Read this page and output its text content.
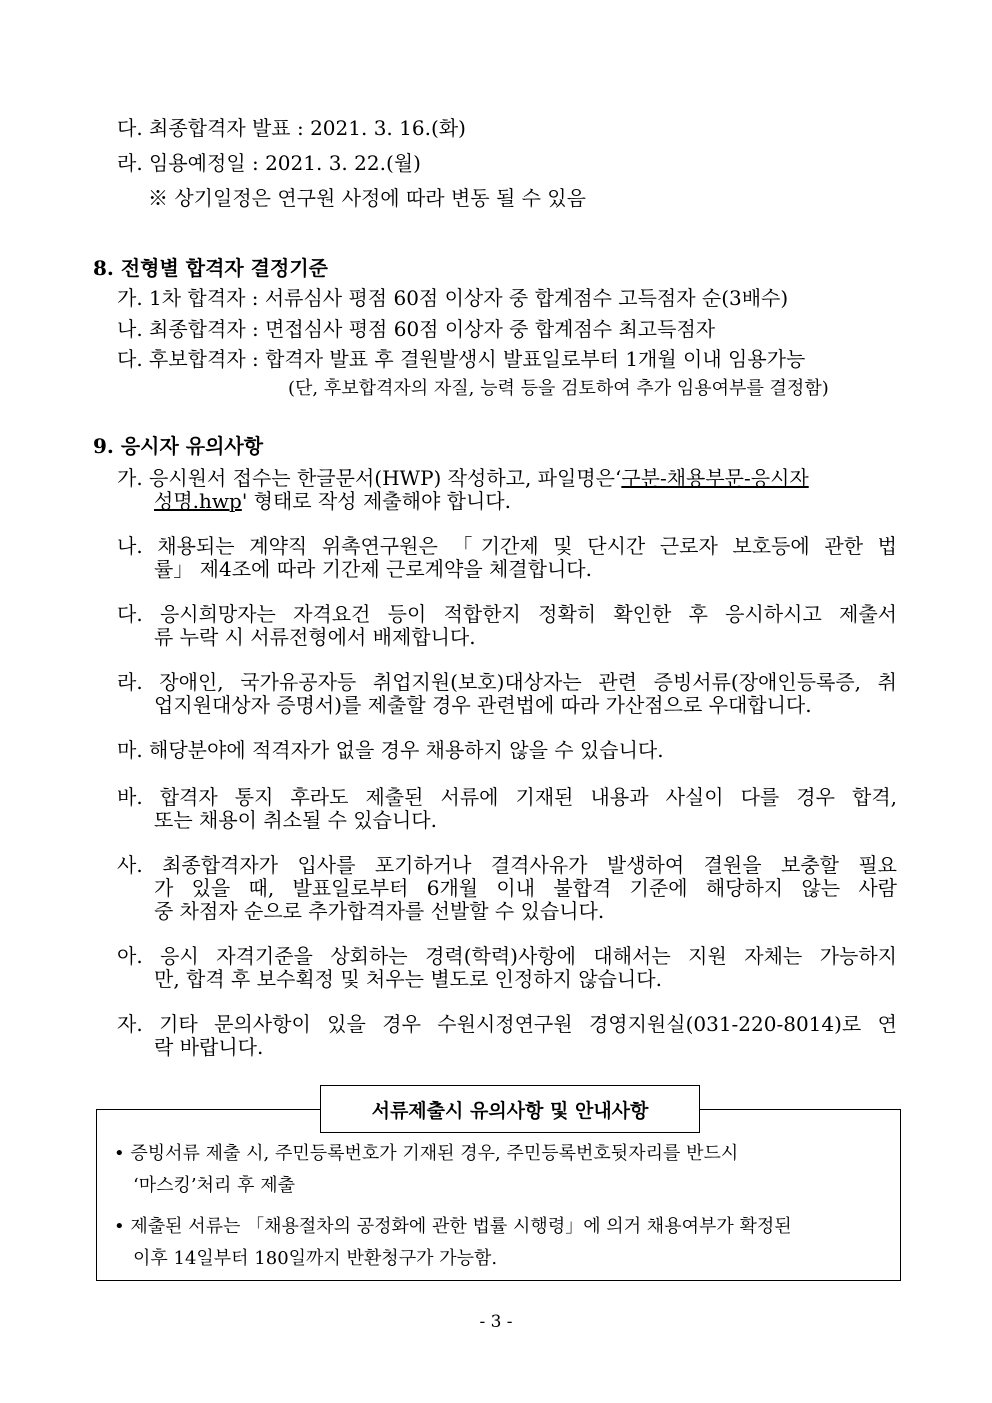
다. 최종합격자 발표 : 2021. 3. 16.(화)
라. 임용예정일 : 2021. 3. 22.(월)
※ 상기일정은 연구원 사정에 따라 변동 될 수 있음
8. 전형별 합격자 결정기준
가. 1차 합격자 : 서류심사 평점 60점 이상자 중 합계점수 고득점자 순(3배수)
나. 최종합격자 : 면접심사 평점 60점 이상자 중 합계점수 최고득점자
다. 후보합격자 : 합격자 발표 후 결원발생시 발표일로부터 1개월 이내 임용가능
(단, 후보합격자의 자질, 능력 등을 검토하여 추가 임용여부를 결정함)
9. 응시자 유의사항
가. 응시원서 접수는 한글문서(HWP) 작성하고, 파일명은‘구분-채용부문-응시자
성명.hwp' 형태로 작성 제출해야 합니다.
나. 채용되는 계약직 위촉연구원은 「기간제 및 단시간 근로자 보호등에 관한 법
률」 제4조에 따라 기간제 근로계약을 체결합니다.
다. 응시희망자는 자격요건 등이 적합한지 정확히 확인한 후 응시하시고 제출서
류 누락 시 서류전형에서 배제합니다.
라. 장애인, 국가유공자등 취업지원(보호)대상자는 관련 증빙서류(장애인등록증, 취
업지원대상자 증명서)를 제출할 경우 관련법에 따라 가산점으로 우대합니다.
마. 해당분야에 적격자가 없을 경우 채용하지 않을 수 있습니다.
바. 합격자 통지 후라도 제출된 서류에 기재된 내용과 사실이 다를 경우 합격,
또는 채용이 취소될 수 있습니다.
사. 최종합격자가 입사를 포기하거나 결격사유가 발생하여 결원을 보충할 필요
가 있을 때, 발표일로부터 6개월 이내 불합격 기준에 해당하지 않는 사람
중 차점자 순으로 추가합격자를 선발할 수 있습니다.
아. 응시 자격기준을 상회하는 경력(학력)사항에 대해서는 지원 자체는 가능하지
만, 합격 후 보수획정 및 처우는 별도로 인정하지 않습니다.
자. 기타 문의사항이 있을 경우 수원시정연구원 경영지원실(031-220-8014)로 연
락 바랍니다.
서류제출시 유의사항 및 안내사항
• 증빙서류 제출 시, 주민등록번호가 기재된 경우, 주민등록번호뒷자리를 반드시
‘마스킹’처리 후 제출
• 제출된 서류는 「채용절차의 공정화에 관한 법률 시행령」에 의거 채용여부가 확정된
이후 14일부터 180일까지 반환청구가 가능함.
- 3 -
